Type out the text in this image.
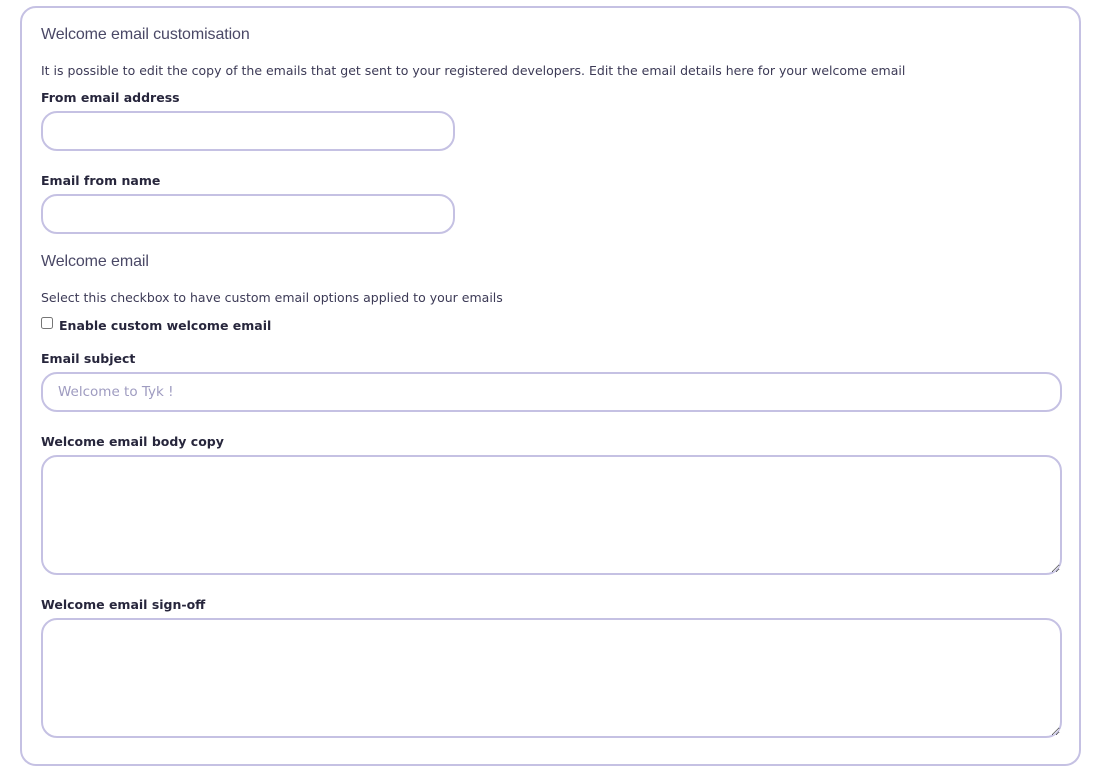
Welcome email customisation
It is possible to edit the copy of the emails that get sent to your registered developers. Edit the email details here for your welcome email
From email address
Email from name
Welcome email
Select this checkbox to have custom email options applied to your emails
Enable custom welcome email
Email subject
Welcome to Tyk !
Welcome email body copy
Welcome email sign-off
